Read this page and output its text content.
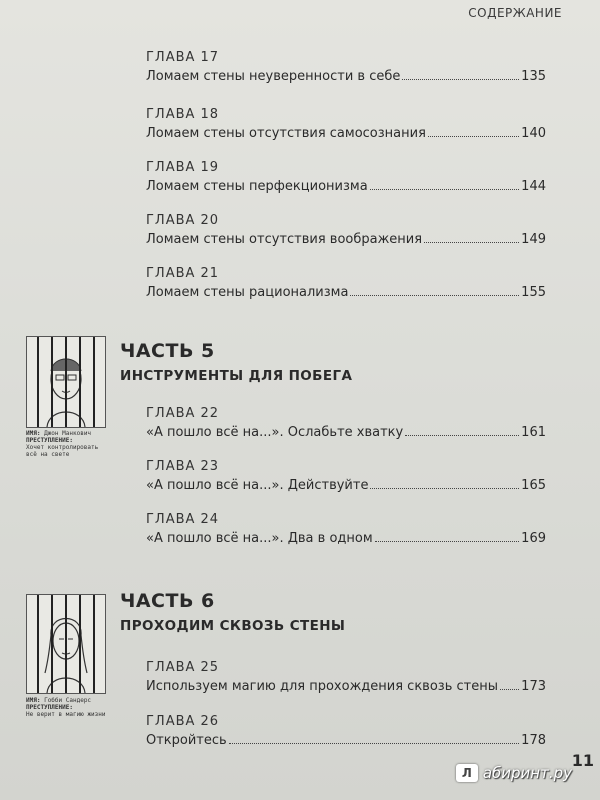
СОДЕРЖАНИЕ
ГЛАВА 17
Ломаем стены неуверенности в себе	135
ГЛАВА 18
Ломаем стены отсутствия самосознания	140
ГЛАВА 19
Ломаем стены перфекционизма	144
ГЛАВА 20
Ломаем стены отсутствия воображения	149
ГЛАВА 21
Ломаем стены рационализма	155
ИМЯ: Джон Манкович
ПРЕСТУПЛЕНИЕ:
Хочет контролировать всё на свете
ЧАСТЬ 5
ИНСТРУМЕНТЫ ДЛЯ ПОБЕГА
ГЛАВА 22
«А пошло всё на...». Ослабьте хватку	161
ГЛАВА 23
«А пошло всё на...». Действуйте	165
ГЛАВА 24
«А пошло всё на...». Два в одном	169
ИМЯ: Гобби Сандерс
ПРЕСТУПЛЕНИЕ:
Не верит в магию жизни
ЧАСТЬ 6
ПРОХОДИМ СКВОЗЬ СТЕНЫ
ГЛАВА 25
Используем магию для прохождения сквозь стены 173
ГЛАВА 26
Откройтесь	178
Л абиринт.ру
11
